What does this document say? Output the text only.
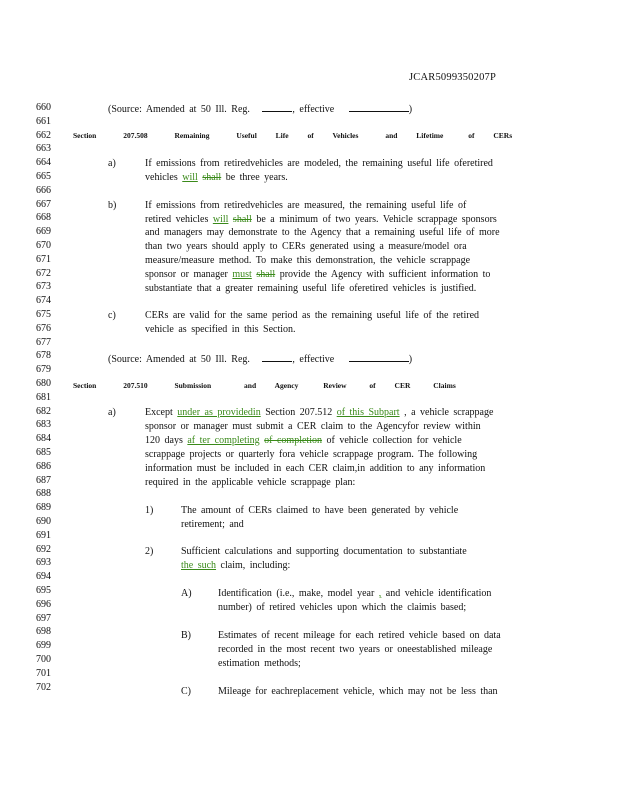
JCAR5099350207P
660
661
662
663
664
665
666
667
668
669
670
671
672
673
674
675
676
677
678
679
680
681
682
683
684
685
686
687
688
689
690
691
692
693
694
695
696
697
698
699
700
701
702
(Source: Amended at 50 Ill. Reg.	, effective	)
Section	207.508	Remaining	Useful	Life	of	Vehicles	and	Lifetime	of	CERs
a)	If emissions from retiredvehicles are modeled, the remaining useful life oferetired
vehicles will shall be three years.
b)	If emissions from retiredvehicles are measured, the remaining useful life of
retired vehicles will shall be a minimum of two years. Vehicle scrappage sponsors
and managers may demonstrate to the Agency that a remaining useful life of more
than two years should apply to CERs generated using a measure/model ora
measure/measure method. To make this demonstration, the vehicle scrappage
sponsor or manager must shall provide the Agency with sufficient information to
substantiate that a greater remaining useful life oferetired vehicles is justified.
c)	CERs are valid for the same period as the remaining useful life of the retired
vehicle as specified in this Section.
(Source: Amended at 50 Ill. Reg.	, effective	)
Section	207.510	Submission	and Agency	Review	of	CER	Claims
a)	Except under as providedin Section 207.512 of this Subpart , a vehicle scrappage
sponsor or manager must submit a CER claim to the Agencyfor review within
120 days af ter completing of completion of vehicle collection for vehicle
scrappage projects or quarterly fora vehicle scrappage program. The following
information must be included in each CER claim,in addition to any information
required in the applicable vehicle scrappage plan:
1)	The amount of CERs claimed to have been generated by vehicle
retirement; and
2)	Sufficient calculations and supporting documentation to substantiate
the such claim, including:
A)	Identification (i.e., make, model year , and vehicle identification
number) of retired vehicles upon which the claimis based;
B)	Estimates of recent mileage for each retired vehicle based on data
recorded in the most recent two years or oneestablished mileage
estimation methods;
C)	Mileage for eachreplacement vehicle, which may not be less than
